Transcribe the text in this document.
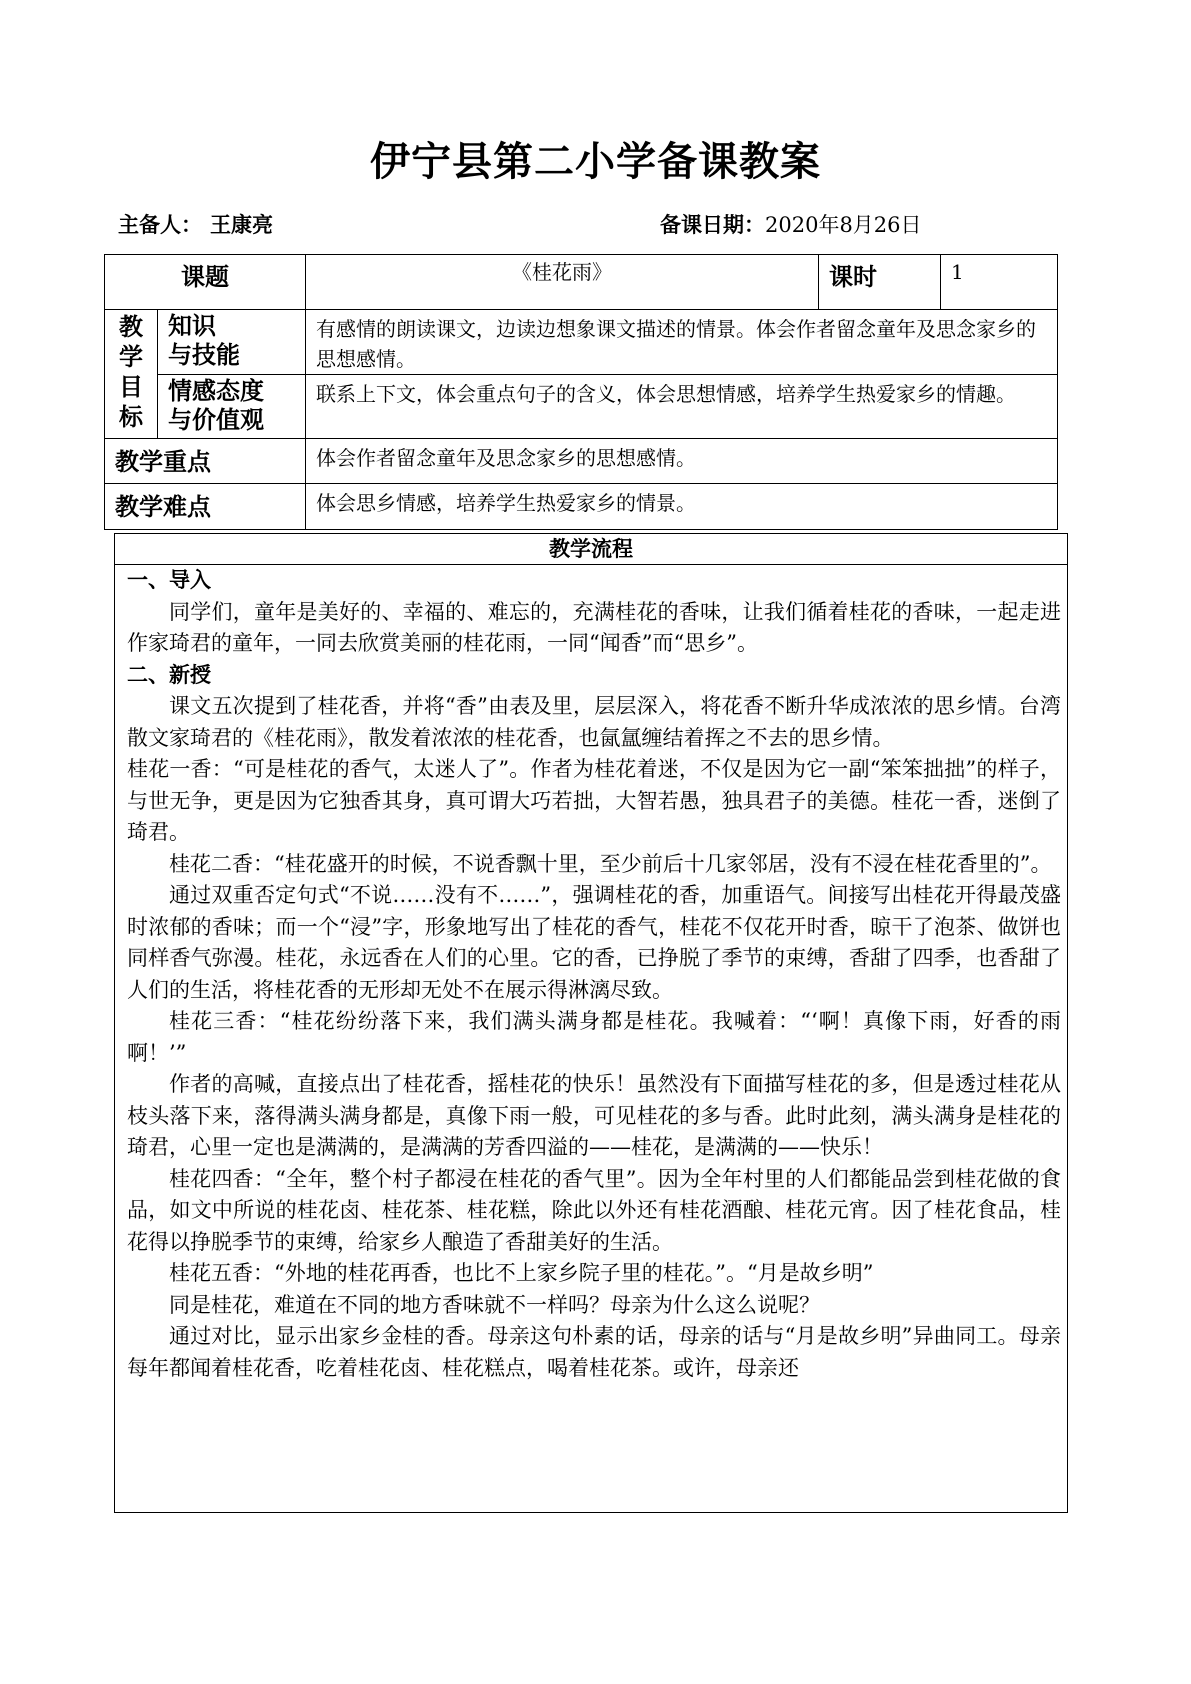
伊宁县第二小学备课教案
主备人： 王康亮	备课日期：2020年8月26日
课题		《桂花雨》	课时	1

教学目标	知识
与技能	有感情的朗读课文，边读边想象课文描述的情景。体会作者留念童年及思念家乡的思想感情。		

	情感态度
与价值观	联系上下文，体会重点句子的含义，体会思想情感，培养学生热爱家乡的情趣。		

教学重点		体会作者留念童年及思念家乡的思想感情。		

教学难点		体会思乡情感，培养学生热爱家乡的情景。		
教学流程
一、导入

同学们，童年是美好的、幸福的、难忘的，充满桂花的香味，让我们循着桂花的香味，一起走进作家琦君的童年，一同去欣赏美丽的桂花雨，一同“闻香”而“思乡”。

二、新授

课文五次提到了桂花香，并将“香”由表及里，层层深入，将花香不断升华成浓浓的思乡情。台湾散文家琦君的《桂花雨》，散发着浓浓的桂花香，也氤氲缠结着挥之不去的思乡情。

桂花一香：“可是桂花的香气，太迷人了”。作者为桂花着迷，不仅是因为它一副“笨笨拙拙”的样子，与世无争，更是因为它独香其身，真可谓大巧若拙，大智若愚，独具君子的美德。桂花一香，迷倒了琦君。

桂花二香：“桂花盛开的时候，不说香飘十里，至少前后十几家邻居，没有不浸在桂花香里的”。

通过双重否定句式“不说……没有不……”，强调桂花的香，加重语气。间接写出桂花开得最茂盛时浓郁的香味；而一个“浸”字，形象地写出了桂花的香气，桂花不仅花开时香，晾干了泡茶、做饼也同样香气弥漫。桂花，永远香在人们的心里。它的香，已挣脱了季节的束缚，香甜了四季，也香甜了人们的生活，将桂花香的无形却无处不在展示得淋漓尽致。

桂花三香：“桂花纷纷落下来，我们满头满身都是桂花。我喊着：“‘啊！真像下雨，好香的雨啊！’”

作者的高喊，直接点出了桂花香，摇桂花的快乐！虽然没有下面描写桂花的多，但是透过桂花从枝头落下来，落得满头满身都是，真像下雨一般，可见桂花的多与香。此时此刻，满头满身是桂花的琦君，心里一定也是满满的，是满满的芳香四溢的——桂花，是满满的——快乐！

桂花四香：“全年，整个村子都浸在桂花的香气里”。因为全年村里的人们都能品尝到桂花做的食品，如文中所说的桂花卤、桂花茶、桂花糕，除此以外还有桂花酒酿、桂花元宵。因了桂花食品，桂花得以挣脱季节的束缚，给家乡人酿造了香甜美好的生活。

桂花五香：“外地的桂花再香，也比不上家乡院子里的桂花。”。“月是故乡明”

同是桂花，难道在不同的地方香味就不一样吗？母亲为什么这么说呢？

通过对比，显示出家乡金桂的香。母亲这句朴素的话，母亲的话与“月是故乡明”异曲同工。母亲每年都闻着桂花香，吃着桂花卤、桂花糕点，喝着桂花茶。或许，母亲还
